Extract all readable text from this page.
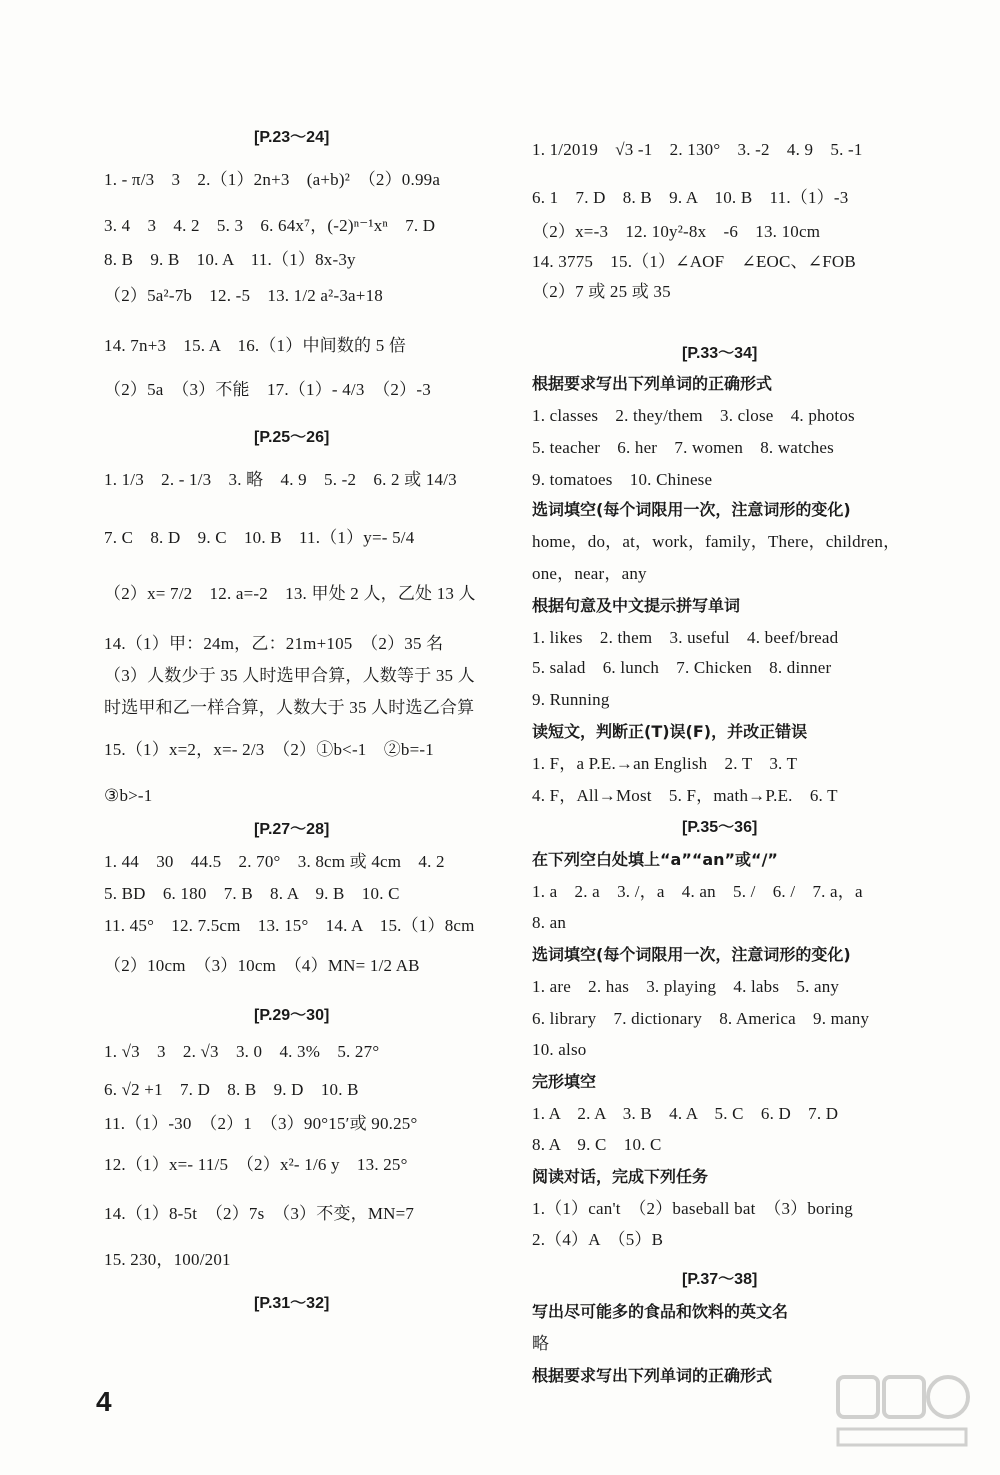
[P.23～24]
1. - π/3　3　2.（1）2n+3　(a+b)²　（2）0.99a
3. 4　3　4. 2　5. 3　6. 64x⁷，(-2)ⁿ⁻¹xⁿ　7. D
8. B　9. B　10. A　11.（1）8x-3y
（2）5a²-7b　12. -5　13. 1/2 a²-3a+18
14. 7n+3　15. A　16.（1）中间数的 5 倍
（2）5a　（3）不能　17.（1）- 4/3　（2）-3
[P.25～26]
1. 1/3　2. - 1/3　3. 略　4. 9　5. -2　6. 2 或 14/3
7. C　8. D　9. C　10. B　11.（1）y=- 5/4
（2）x= 7/2　12. a=-2　13. 甲处 2 人，乙处 13 人
14.（1）甲：24m，乙：21m+105　（2）35 名
（3）人数少于 35 人时选甲合算，人数等于 35 人
时选甲和乙一样合算，人数大于 35 人时选乙合算
15.（1）x=2，x=- 2/3　（2）①b<-1　②b=-1
③b>-1
[P.27～28]
1. 44　30　44.5　2. 70°　3. 8cm 或 4cm　4. 2
5. BD　6. 180　7. B　8. A　9. B　10. C
11. 45°　12. 7.5cm　13. 15°　14. A　15.（1）8cm
（2）10cm　（3）10cm　（4）MN= 1/2 AB
[P.29～30]
1. √3　3　2. √3　3. 0　4. 3%　5. 27°
6. √2 +1　7. D　8. B　9. D　10. B
11.（1）-30　（2）1　（3）90°15′或 90.25°
12.（1）x=- 11/5　（2）x²- 1/6 y　13. 25°
14.（1）8-5t　（2）7s　（3）不变，MN=7
15. 230，100/201
[P.31～32]
1. 1/2019　√3 -1　2. 130°　3. -2　4. 9　5. -1
6. 1　7. D　8. B　9. A　10. B　11.（1）-3
（2）x=-3　12. 10y²-8x　-6　13. 10cm
14. 3775　15.（1）∠AOF　∠EOC、∠FOB
（2）7 或 25 或 35
[P.33～34]
根据要求写出下列单词的正确形式
1. classes　2. they/them　3. close　4. photos
5. teacher　6. her　7. women　8. watches
9. tomatoes　10. Chinese
选词填空(每个词限用一次，注意词形的变化)
home，do，at，work，family，There，children，
one，near，any
根据句意及中文提示拼写单词
1. likes　2. them　3. useful　4. beef/bread
5. salad　6. lunch　7. Chicken　8. dinner
9. Running
读短文，判断正(T)误(F)，并改正错误
1. F，a P.E.→an English　2. T　3. T
4. F，All→Most　5. F，math→P.E.　6. T
[P.35～36]
在下列空白处填上“a”“an”或“/”
1. a　2. a　3. /，a　4. an　5. /　6. /　7. a，a
8. an
选词填空(每个词限用一次，注意词形的变化)
1. are　2. has　3. playing　4. labs　5. any
6. library　7. dictionary　8. America　9. many
10. also
完形填空
1. A　2. A　3. B　4. A　5. C　6. D　7. D
8. A　9. C　10. C
阅读对话，完成下列任务
1.（1）can't　（2）baseball bat　（3）boring
2.（4）A　（5）B
[P.37～38]
写出尽可能多的食品和饮料的英文名
略
根据要求写出下列单词的正确形式
4
